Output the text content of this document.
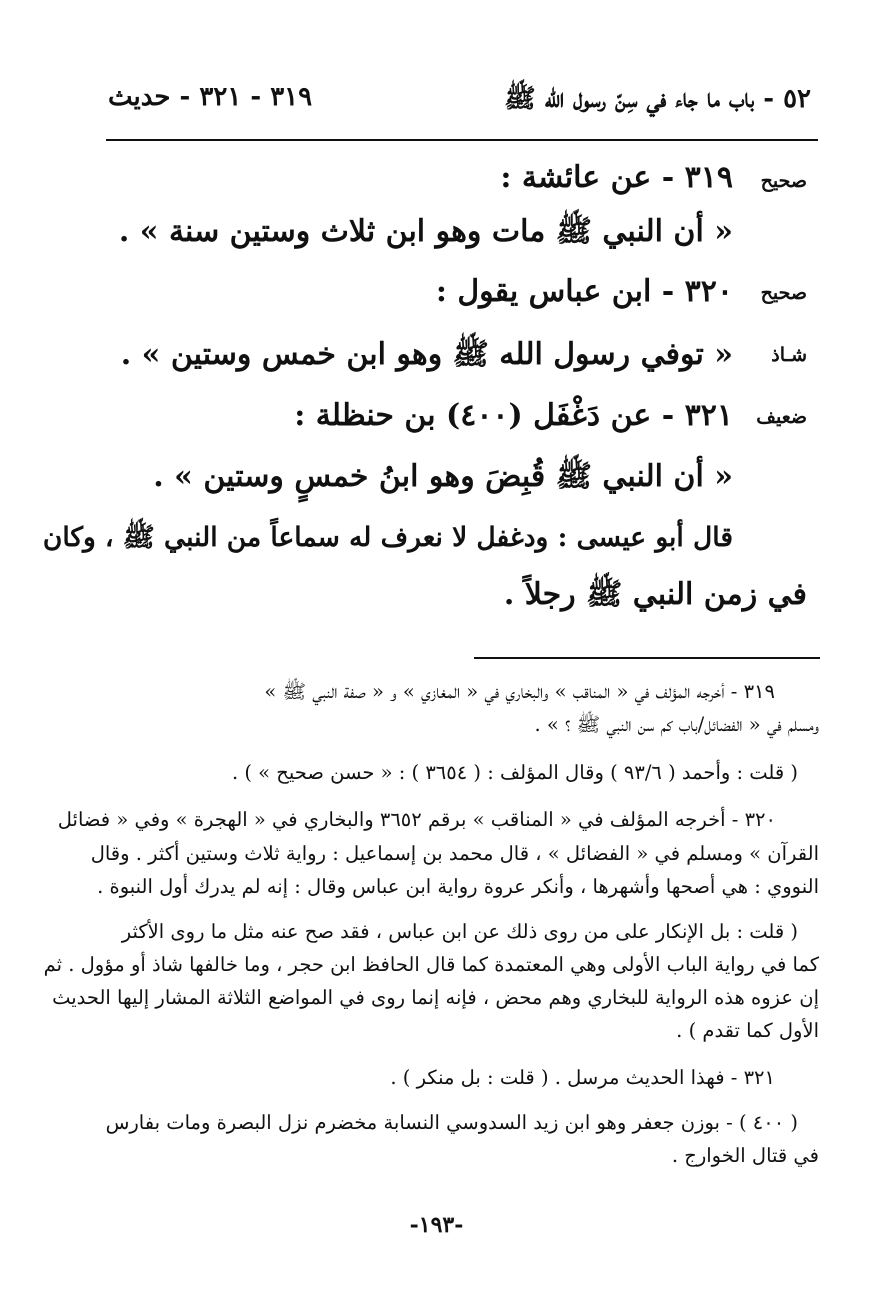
٥٢ - باب ما جاء في سِنّ رسول الله ﷺ
٣١٩ - ٣٢١ - حديث
صحيح
٣١٩ - عن عائشة :
« أن النبي ﷺ مات وهو ابن ثلاث وستين سنة » .
صحيح
٣٢٠ - ابن عباس يقول :
شـاذ
« توفي رسول الله ﷺ وهو ابن خمس وستين » .
ضعيف
٣٢١ - عن دَغْفَل (٤٠٠) بن حنظلة :
« أن النبي ﷺ قُبِضَ وهو ابنُ خمسٍ وستين » .
قال أبو عيسى : ودغفل لا نعرف له سماعاً من النبي ﷺ ، وكان
في زمن النبي ﷺ رجلاً .
٣١٩ - أخرجه المؤلف في « المناقب » والبخاري في « المغازي » و « صفة النبي ﷺ »
ومسلم في « الفضائل/باب كم سن النبي ﷺ ؟ » .
( قلت : وأحمد ( ٩٣/٦ ) وقال المؤلف : ( ٣٦٥٤ ) : « حسن صحيح » ) .
٣٢٠ - أخرجه المؤلف في « المناقب » برقم ٣٦٥٢ والبخاري في « الهجرة » وفي « فضائل
القرآن » ومسلم في « الفضائل » ، قال محمد بن إسماعيل : رواية ثلاث وستين أكثر . وقال
النووي : هي أصحها وأشهرها ، وأنكر عروة رواية ابن عباس وقال : إنه لم يدرك أول النبوة .
( قلت : بل الإنكار على من روى ذلك عن ابن عباس ، فقد صح عنه مثل ما روى الأكثر
كما في رواية الباب الأولى وهي المعتمدة كما قال الحافظ ابن حجر ، وما خالفها شاذ أو مؤول . ثم
إن عزوه هذه الرواية للبخاري وهم محض ، فإنه إنما روى في المواضع الثلاثة المشار إليها الحديث
الأول كما تقدم ) .
٣٢١ - فهذا الحديث مرسل . ( قلت : بل منكر ) .
( ٤٠٠ ) - بوزن جعفر وهو ابن زيد السدوسي النسابة مخضرم نزل البصرة ومات بفارس
في قتال الخوارج .
-١٩٣-
